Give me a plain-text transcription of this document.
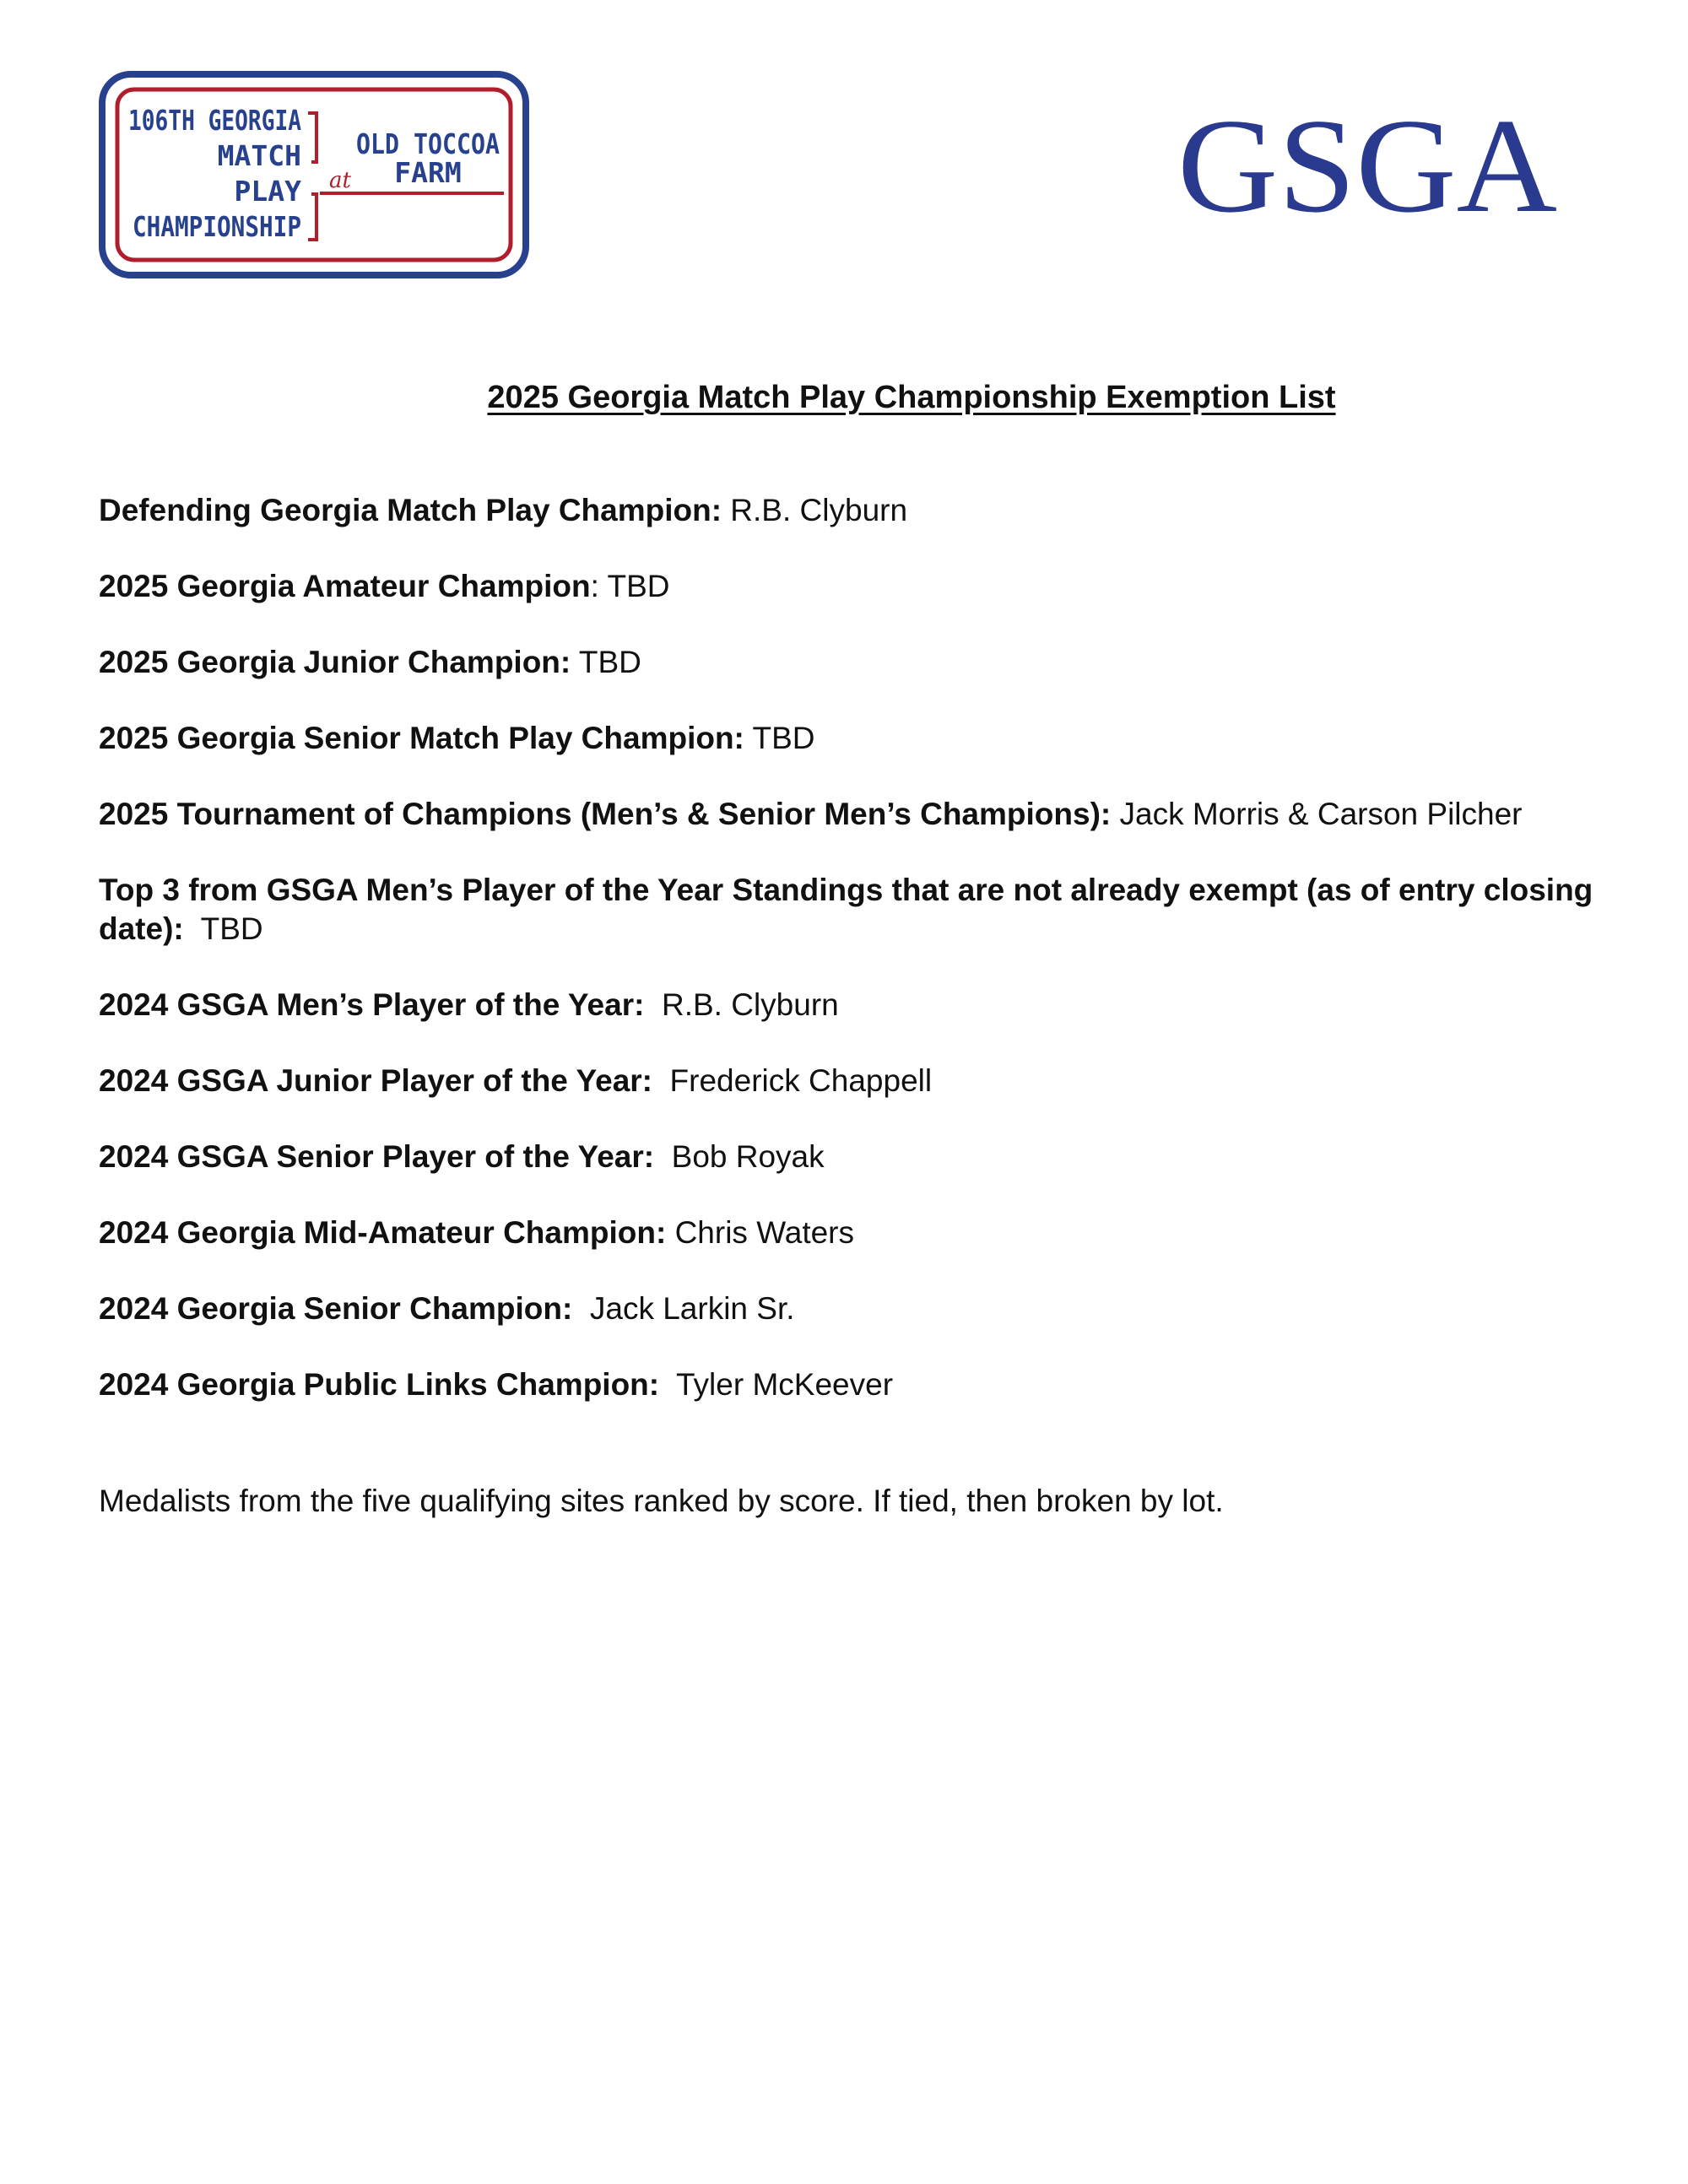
106TH GEORGIA
MATCH
PLAY
CHAMPIONSHIP
OLD TOCCOA
FARM
at	GSGA
2025 Georgia Match Play Championship Exemption List
Defending Georgia Match Play Champion: R.B. Clyburn
2025 Georgia Amateur Champion: TBD
2025 Georgia Junior Champion: TBD
2025 Georgia Senior Match Play Champion: TBD
2025 Tournament of Champions (Men’s & Senior Men’s Champions): Jack Morris & Carson Pilcher
Top 3 from GSGA Men’s Player of the Year Standings that are not already exempt (as of entry closing date):  TBD
2024 GSGA Men’s Player of the Year:  R.B. Clyburn
2024 GSGA Junior Player of the Year:  Frederick Chappell
2024 GSGA Senior Player of the Year:  Bob Royak
2024 Georgia Mid-Amateur Champion: Chris Waters
2024 Georgia Senior Champion:  Jack Larkin Sr.
2024 Georgia Public Links Champion:  Tyler McKeever
Medalists from the five qualifying sites ranked by score. If tied, then broken by lot.
